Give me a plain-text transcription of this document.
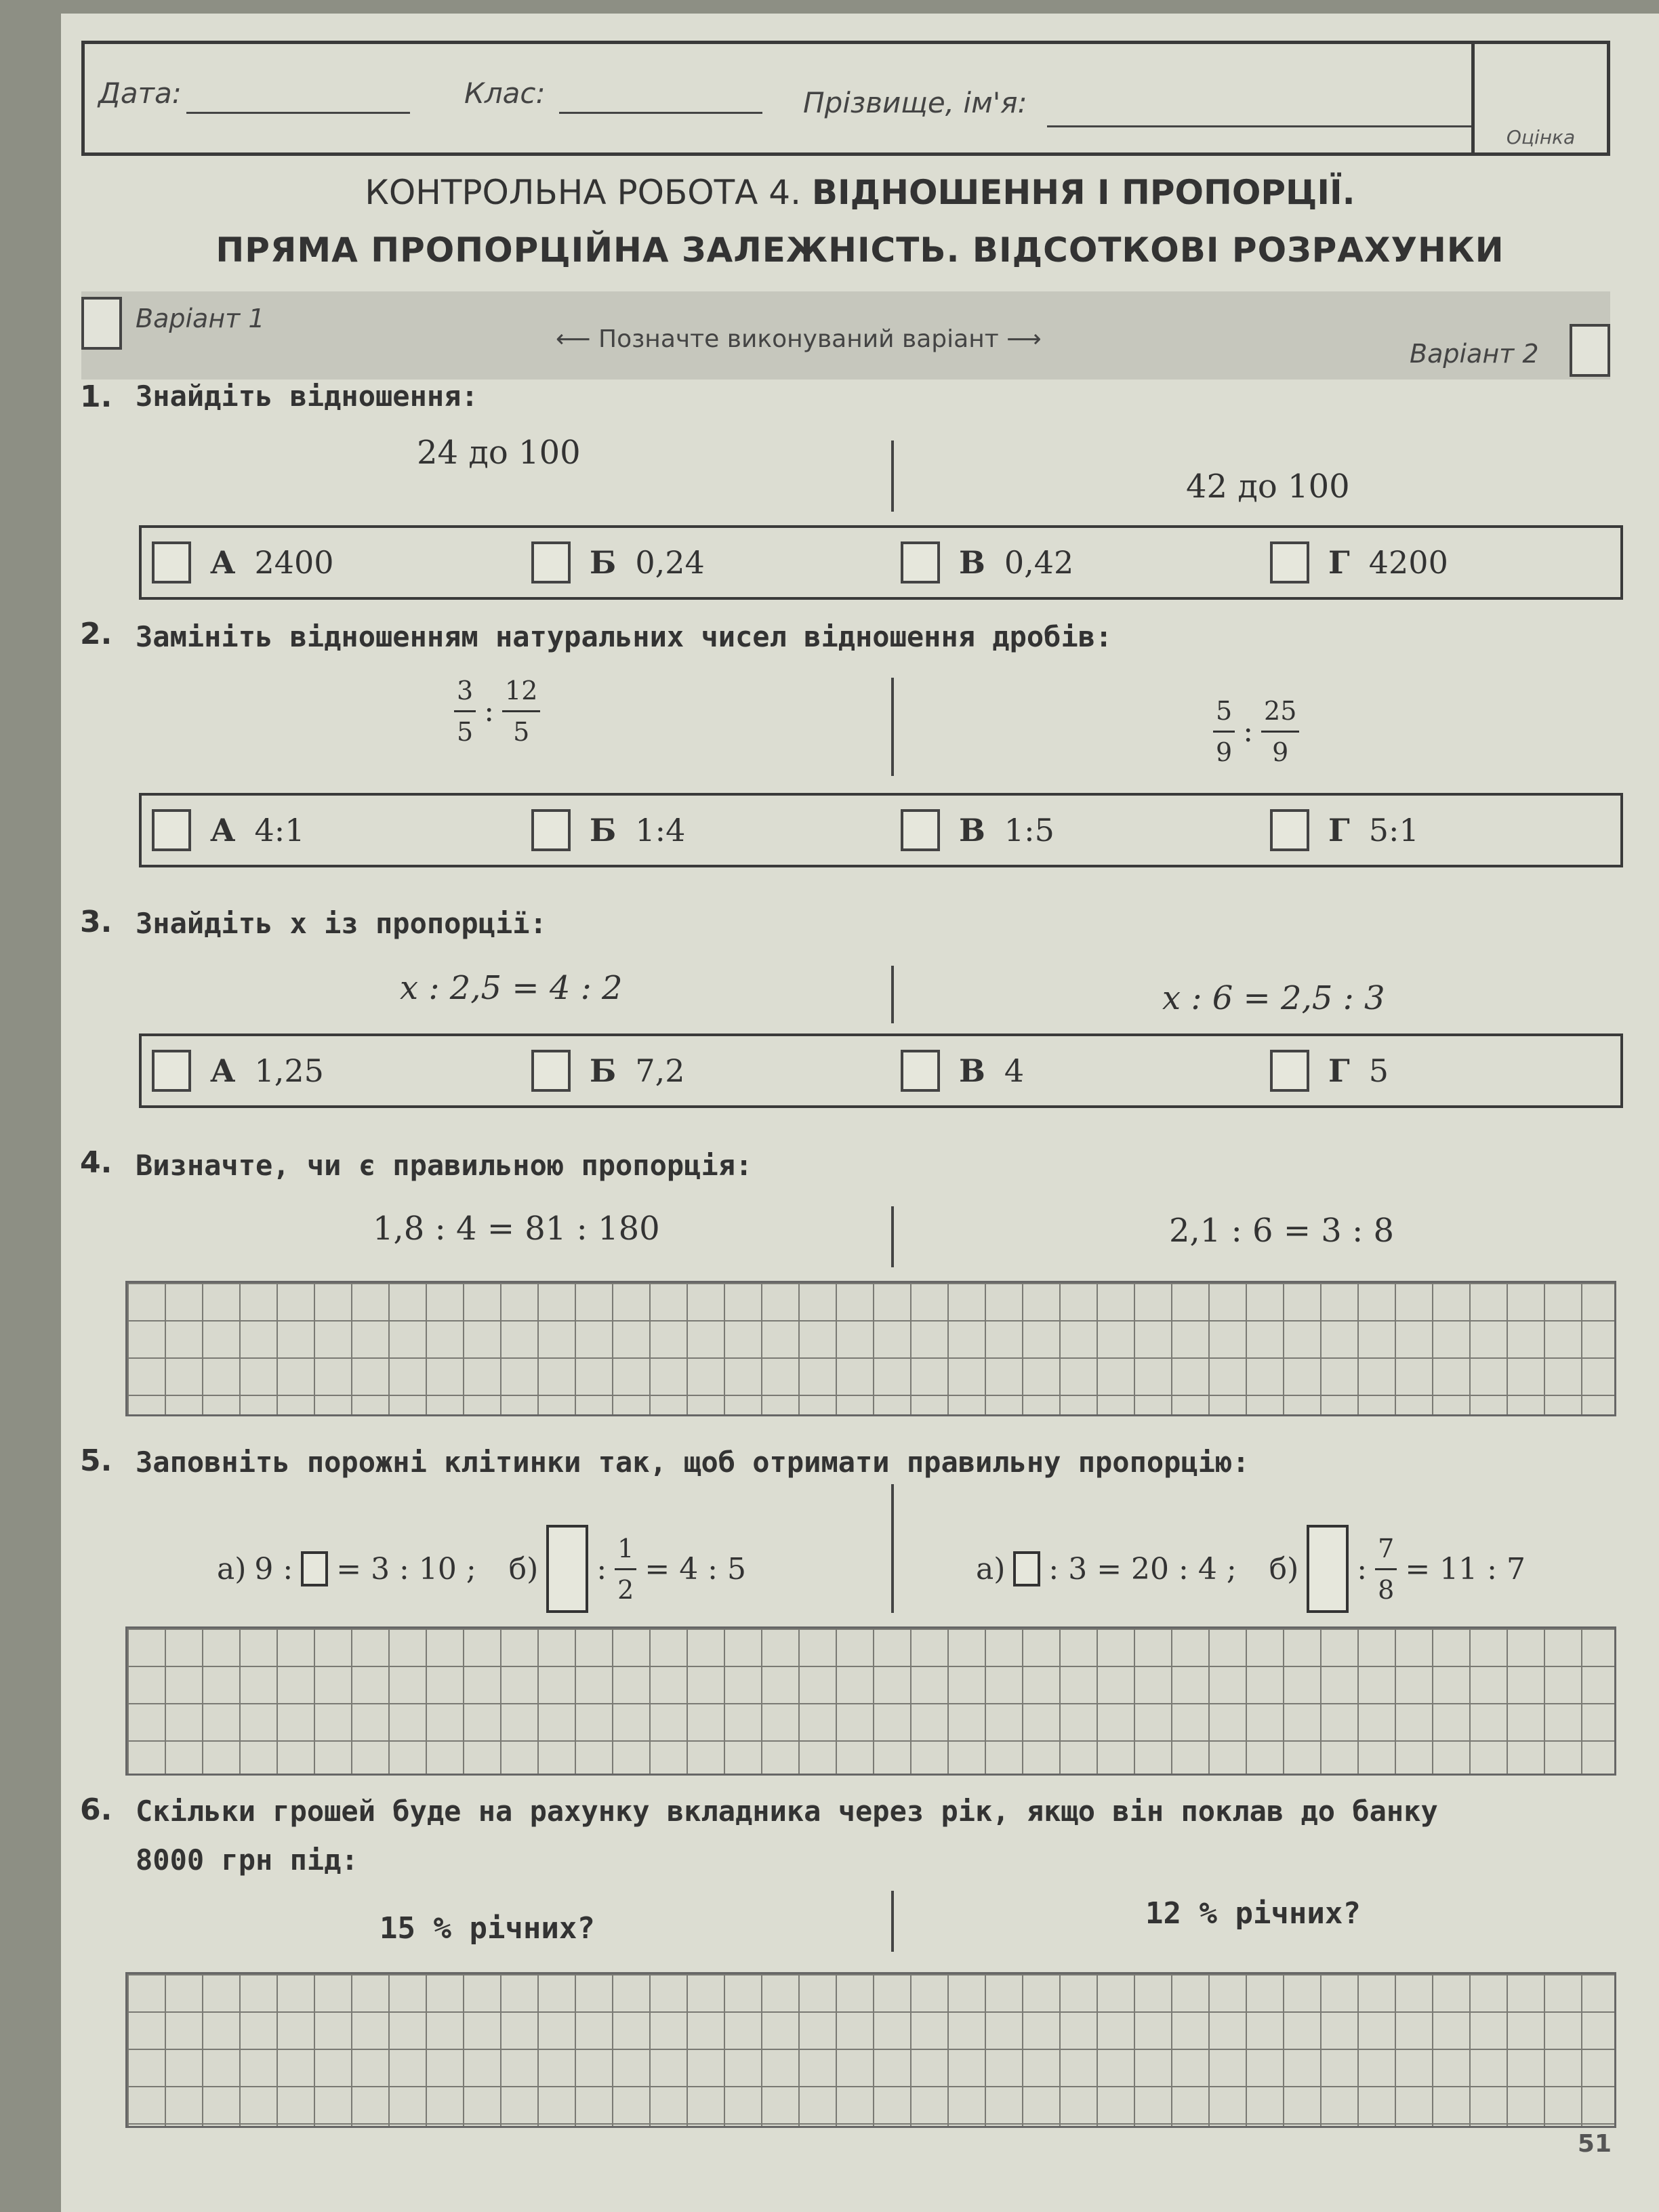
Дата:	Клас:	Прізвище, ім'я:
Оцінка
КОНТРОЛЬНА РОБОТА 4. ВІДНОШЕННЯ І ПРОПОРЦІЇ.
ПРЯМА ПРОПОРЦІЙНА ЗАЛЕЖНІСТЬ. ВІДСОТКОВІ РОЗРАХУНКИ
Варіант 1
⟵ Позначте виконуваний варіант ⟶	Варіант 2
1. Знайдіть відношення:
24 до 100
42 до 100
А 2400	Б 0,24	В 0,42	Г 4200
2. Замініть відношенням натуральних чисел відношення дробів:
$\frac{3}{5}$ : $\frac{12}{5}$	$\frac{5}{9}$ : $\frac{25}{9}$
А 4:1	Б 1:4	В 1:5	Г 5:1
3. Знайдіть x із пропорції:
x : 2,5 = 4 : 2	x : 6 = 2,5 : 3
А 1,25	Б 7,2	В 4	Г 5
4. Визначте, чи є правильною пропорція:
1,8 : 4 = 81 : 180	2,1 : 6 = 3 : 8
5. Заповніть порожні клітинки так, щоб отримати правильну пропорцію:
а) 9 : = 3 : 10 ; б) : $\frac{1}{2} = 4$ : 5	а) : 3 = 20 : 4 ; б) : $\frac{7}{8} = 11$ : 7
6. Скільки грошей буде на рахунку вкладника через рік, якщо він поклав до банку
8000 грн під:
15 % річних?	12 % річних?
51
